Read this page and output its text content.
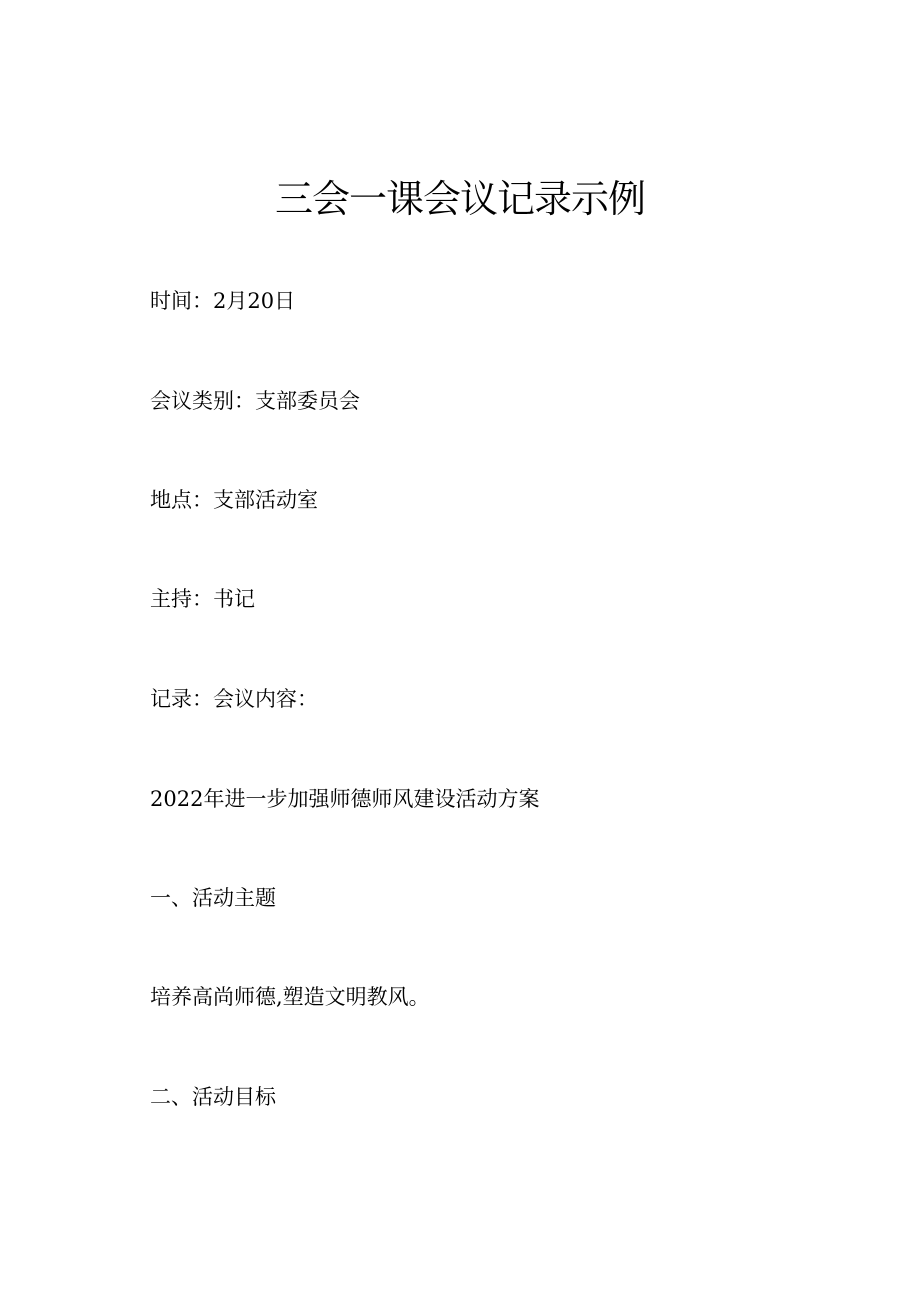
三会一课会议记录示例

时间：2月20日

会议类别：支部委员会

地点：支部活动室

主持：书记

记录：会议内容：

2022年进一步加强师德师风建设活动方案

一、活动主题

培养高尚师德,塑造文明教风。

二、活动目标
